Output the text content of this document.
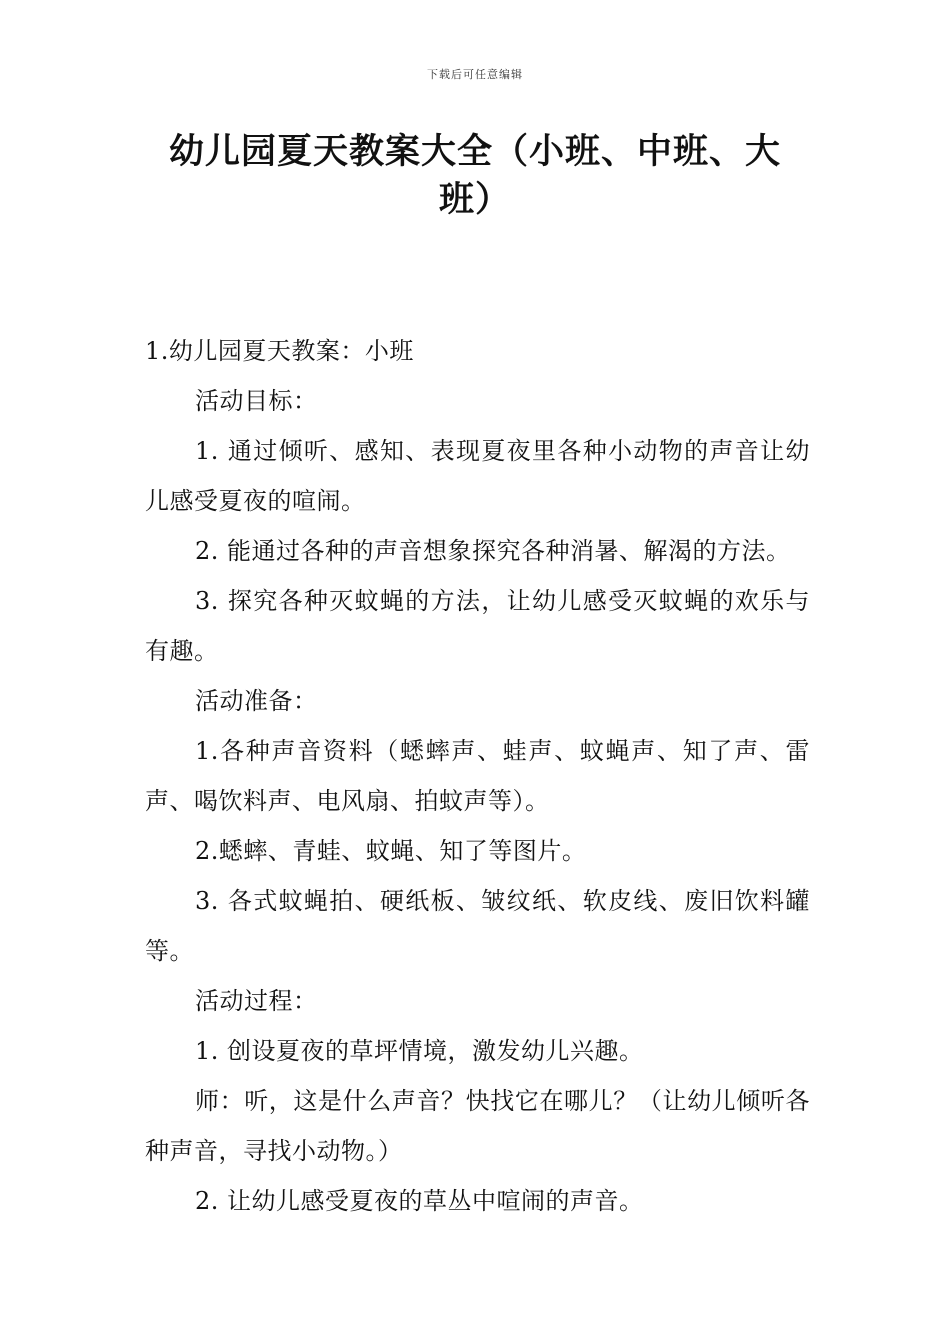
下载后可任意编辑
幼儿园夏天教案大全（小班、中班、大班）

1.幼儿园夏天教案：小班

活动目标：

1. 通过倾听、感知、表现夏夜里各种小动物的声音让幼儿感受夏夜的喧闹。

2. 能通过各种的声音想象探究各种消暑、解渴的方法。

3. 探究各种灭蚊蝇的方法，让幼儿感受灭蚊蝇的欢乐与有趣。

活动准备：

1.各种声音资料（蟋蟀声、蛙声、蚊蝇声、知了声、雷声、喝饮料声、电风扇、拍蚊声等）。

2.蟋蟀、青蛙、蚊蝇、知了等图片。

3. 各式蚊蝇拍、硬纸板、皱纹纸、软皮线、废旧饮料罐等。

活动过程：

1. 创设夏夜的草坪情境，激发幼儿兴趣。

师：听，这是什么声音？快找它在哪儿？（让幼儿倾听各种声音，寻找小动物。）

2. 让幼儿感受夏夜的草丛中喧闹的声音。
